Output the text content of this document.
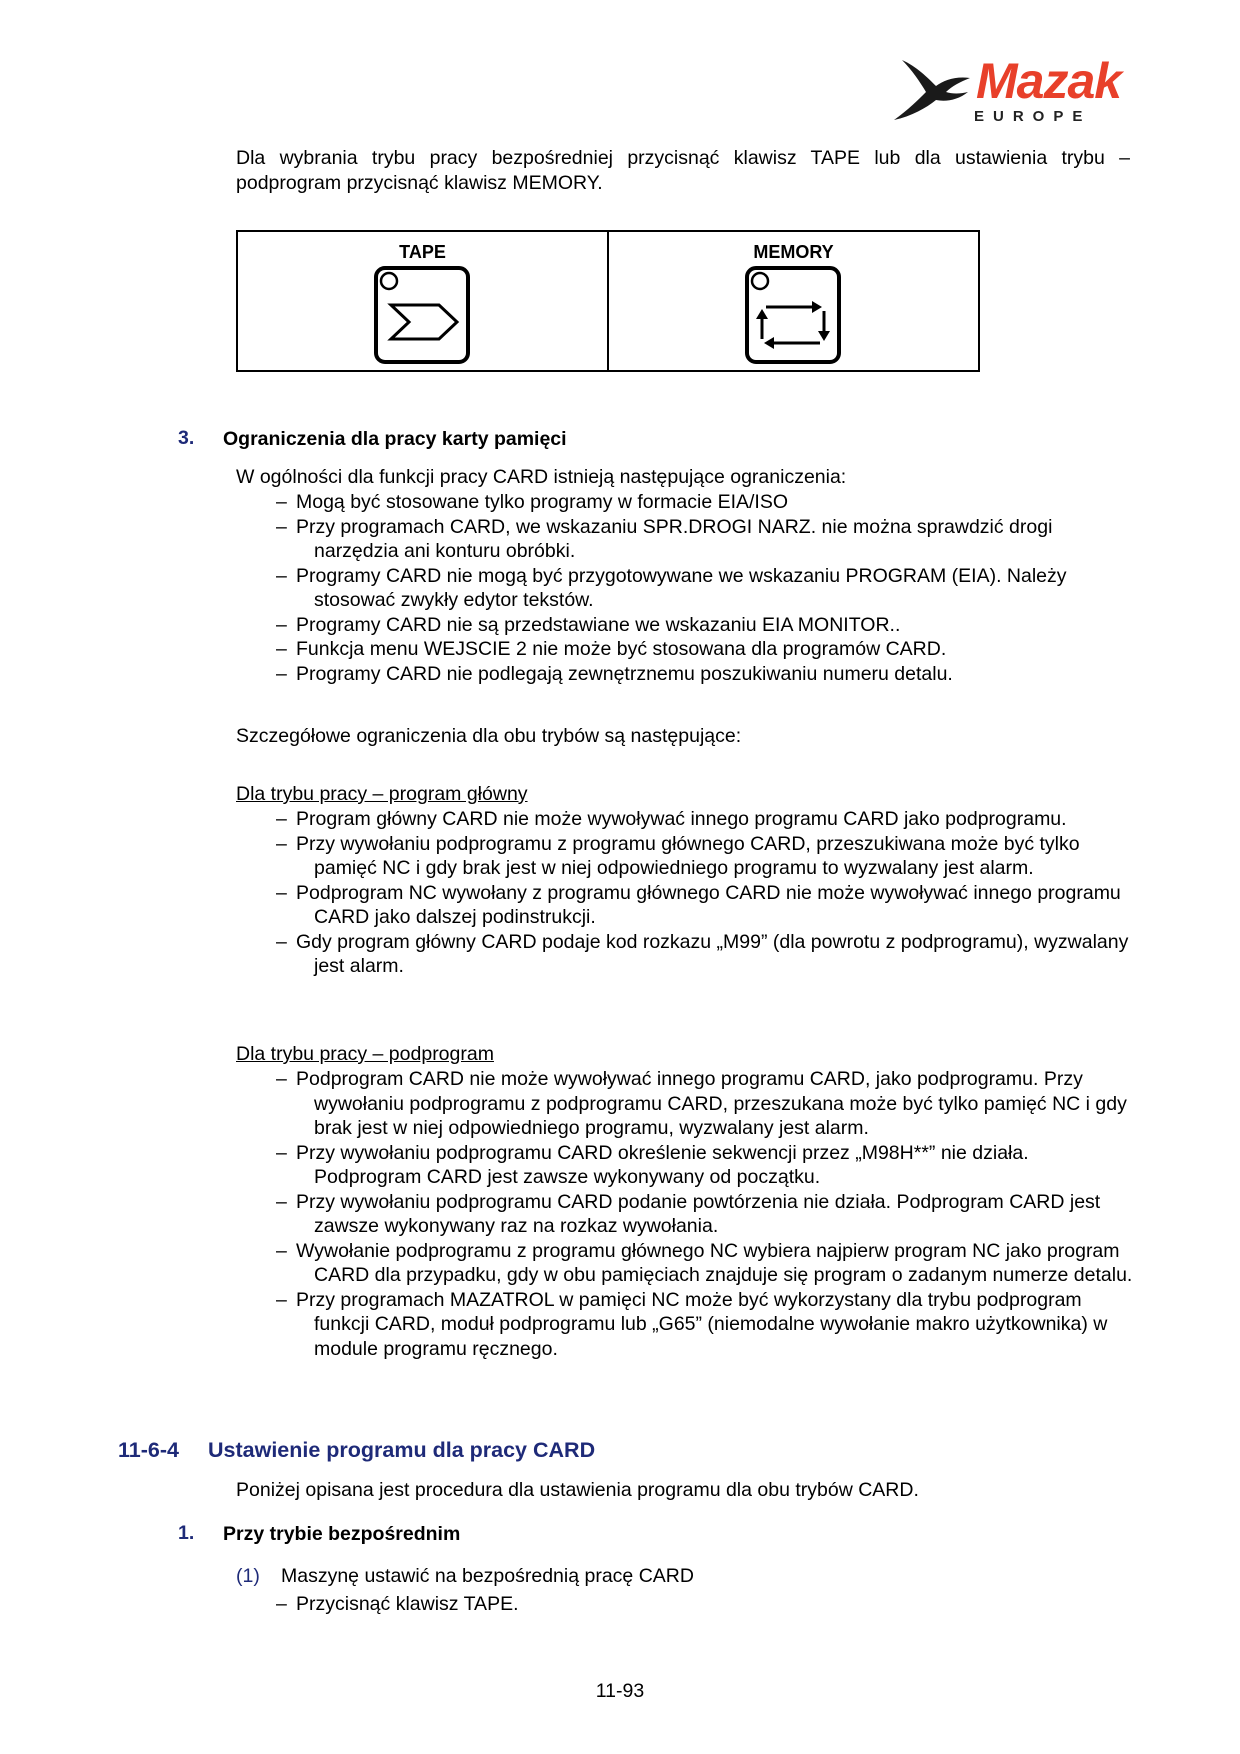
Mazak
EUROPE
Dla wybrania trybu pracy bezpośredniej przycisnąć klawisz TAPE lub dla ustawienia trybu – podprogram przycisnąć klawisz MEMORY.
TAPE	MEMORY
3. Ograniczenia dla pracy karty pamięci
W ogólności dla funkcji pracy CARD istnieją następujące ograniczenia:
– Mogą być stosowane tylko programy w formacie EIA/ISO
– Przy programach CARD, we wskazaniu SPR.DROGI NARZ. nie można sprawdzić drogi narzędzia ani konturu obróbki.
– Programy CARD nie mogą być przygotowywane we wskazaniu PROGRAM (EIA). Należy stosować zwykły edytor tekstów.
– Programy CARD nie są przedstawiane we wskazaniu EIA MONITOR..
– Funkcja menu WEJSCIE 2 nie może być stosowana dla programów CARD.
– Programy CARD nie podlegają zewnętrznemu poszukiwaniu numeru detalu.
Szczegółowe ograniczenia dla obu trybów są następujące:
Dla trybu pracy – program główny
– Program główny CARD nie może wywoływać innego programu CARD jako podprogramu.
– Przy wywołaniu podprogramu z programu głównego CARD, przeszukiwana może być tylko pamięć NC i gdy brak jest w niej odpowiedniego programu to wyzwalany jest alarm.
– Podprogram NC wywołany z programu głównego CARD nie może wywoływać innego programu CARD jako dalszej podinstrukcji.
– Gdy program główny CARD podaje kod rozkazu „M99” (dla powrotu z podprogramu), wyzwalany jest alarm.
Dla trybu pracy – podprogram
– Podprogram CARD nie może wywoływać innego programu CARD, jako podprogramu. Przy wywołaniu podprogramu z podprogramu CARD, przeszukana może być tylko pamięć NC i gdy brak jest w niej odpowiedniego programu, wyzwalany jest alarm.
– Przy wywołaniu podprogramu CARD określenie sekwencji przez „M98H**” nie działa. Podprogram CARD jest zawsze wykonywany od początku.
– Przy wywołaniu podprogramu CARD podanie powtórzenia nie działa. Podprogram CARD jest zawsze wykonywany raz na rozkaz wywołania.
– Wywołanie podprogramu z programu głównego NC wybiera najpierw program NC jako program CARD dla przypadku, gdy w obu pamięciach znajduje się program o zadanym numerze detalu.
– Przy programach MAZATROL w pamięci NC może być wykorzystany dla trybu podprogram funkcji CARD, moduł podprogramu lub „G65” (niemodalne wywołanie makro użytkownika) w module programu ręcznego.
11-6-4 Ustawienie programu dla pracy CARD
Poniżej opisana jest procedura dla ustawienia programu dla obu trybów CARD.
1. Przy trybie bezpośrednim
(1) Maszynę ustawić na bezpośrednią pracę CARD
– Przycisnąć klawisz TAPE.
11-93
